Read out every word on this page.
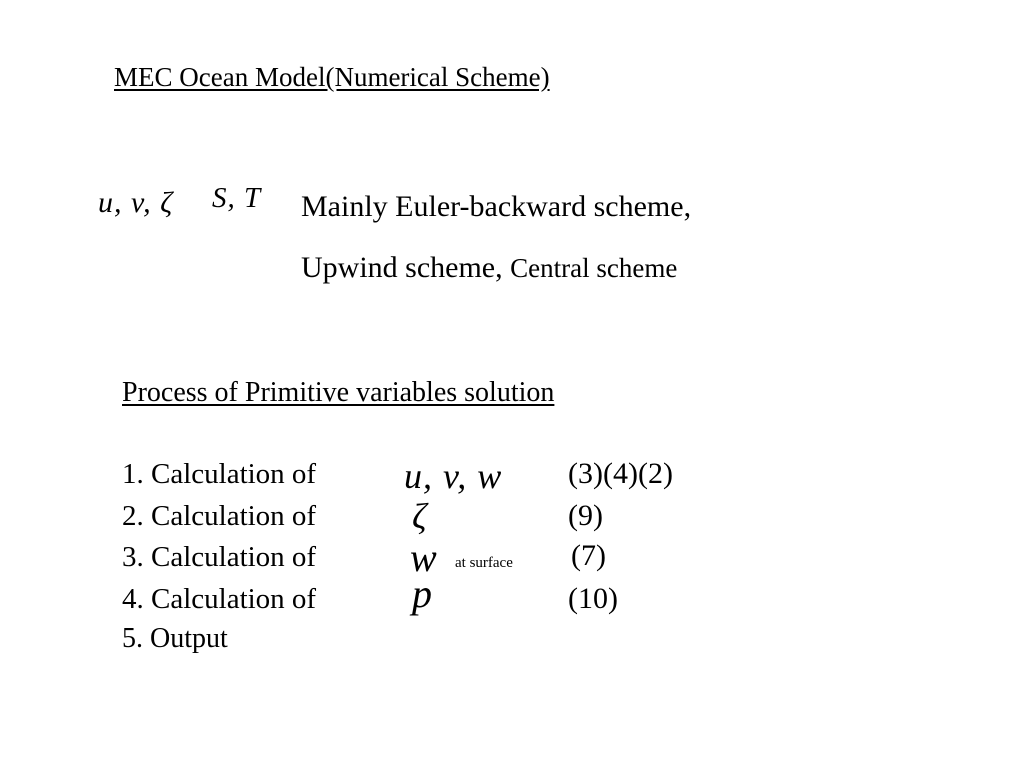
MEC Ocean Model(Numerical Scheme)
u, v, ζ S, T Mainly Euler-backward scheme,
Upwind scheme, Central scheme
Process of Primitive variables solution
1. Calculation of
2. Calculation of
3. Calculation of
4. Calculation of
5. Output
u, v, w
ζ
w at surface
p
(3)(4)(2)
(9)
(7)
(10)
